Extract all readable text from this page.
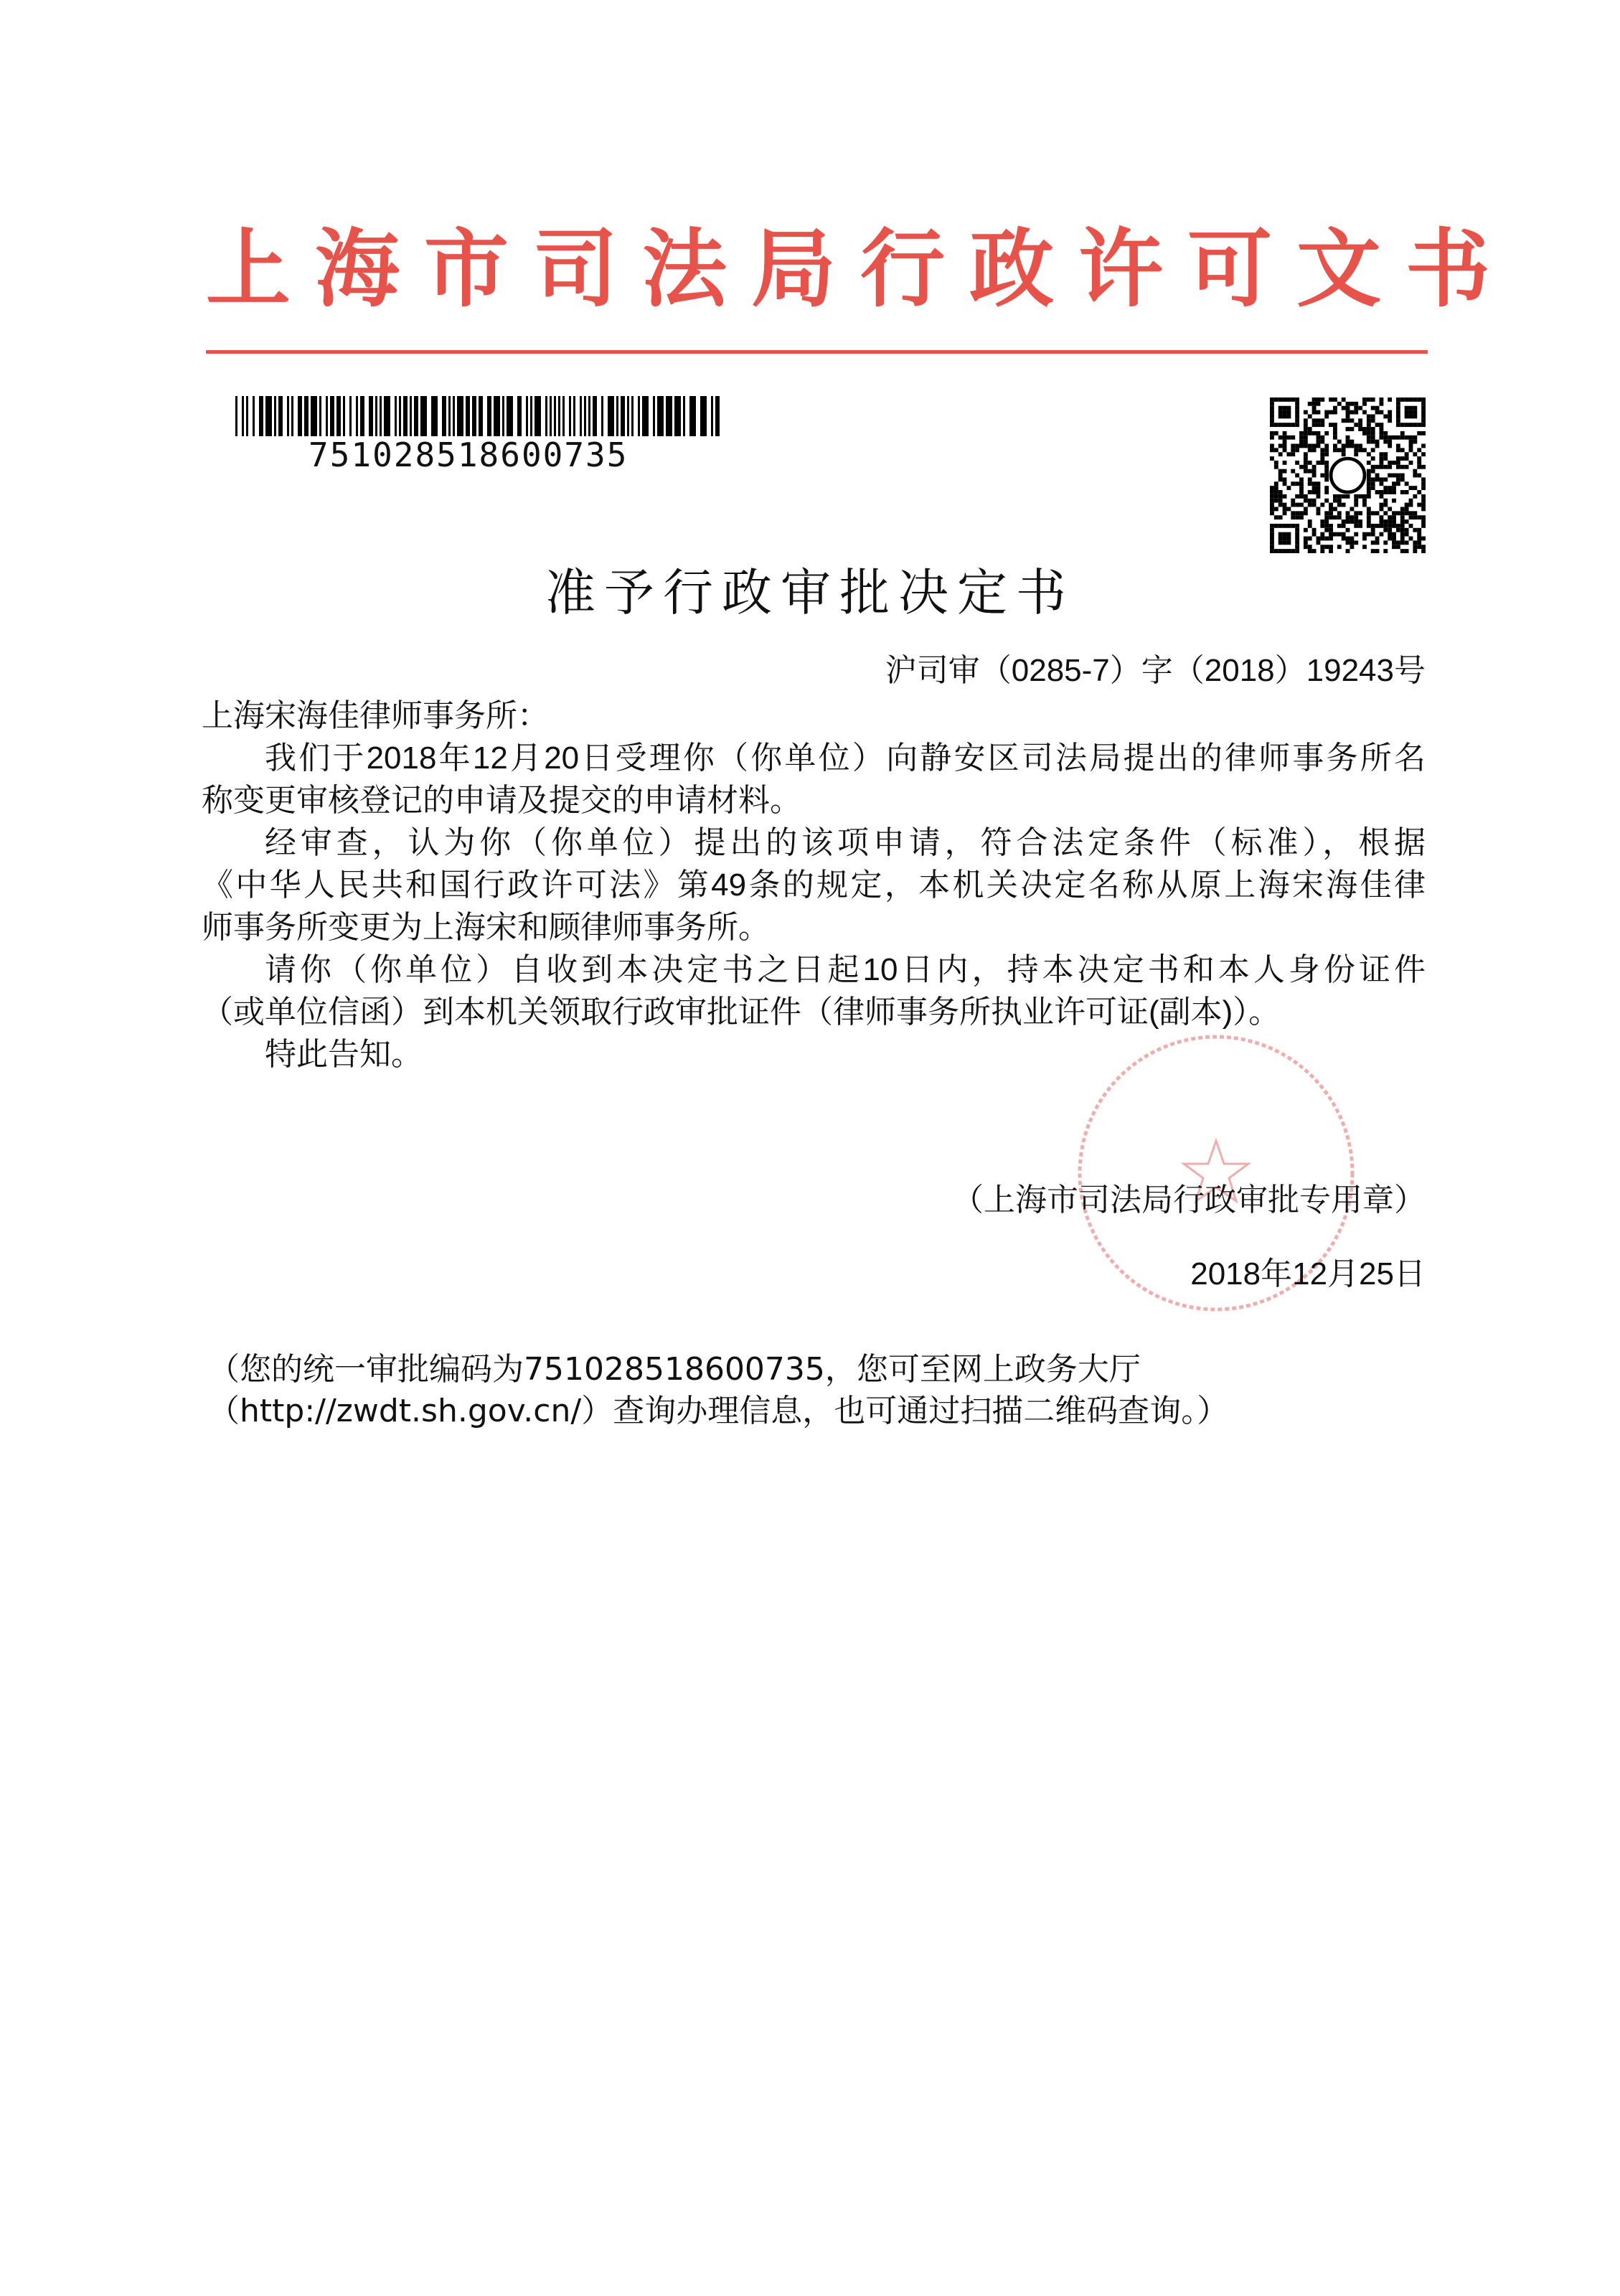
上海市司法局行政许可文书
751028518600735
准予行政审批决定书
沪司审（0285-7）字（2018）19243号
上海宋海佳律师事务所：
我们于2018年12月20日受理你（你单位）向静安区司法局提出的律师事务所名
称变更审核登记的申请及提交的申请材料。
经审查，认为你（你单位）提出的该项申请，符合法定条件（标准），根据
《中华人民共和国行政许可法》第49条的规定，本机关决定名称从原上海宋海佳律
师事务所变更为上海宋和顾律师事务所。
请你（你单位）自收到本决定书之日起10日内，持本决定书和本人身份证件
（或单位信函）到本机关领取行政审批证件（律师事务所执业许可证(副本)）。
特此告知。
（上海市司法局行政审批专用章）
2018年12月25日
（您的统一审批编码为751028518600735，您可至网上政务大厅
（http://zwdt.sh.gov.cn/）查询办理信息，也可通过扫描二维码查询。）
